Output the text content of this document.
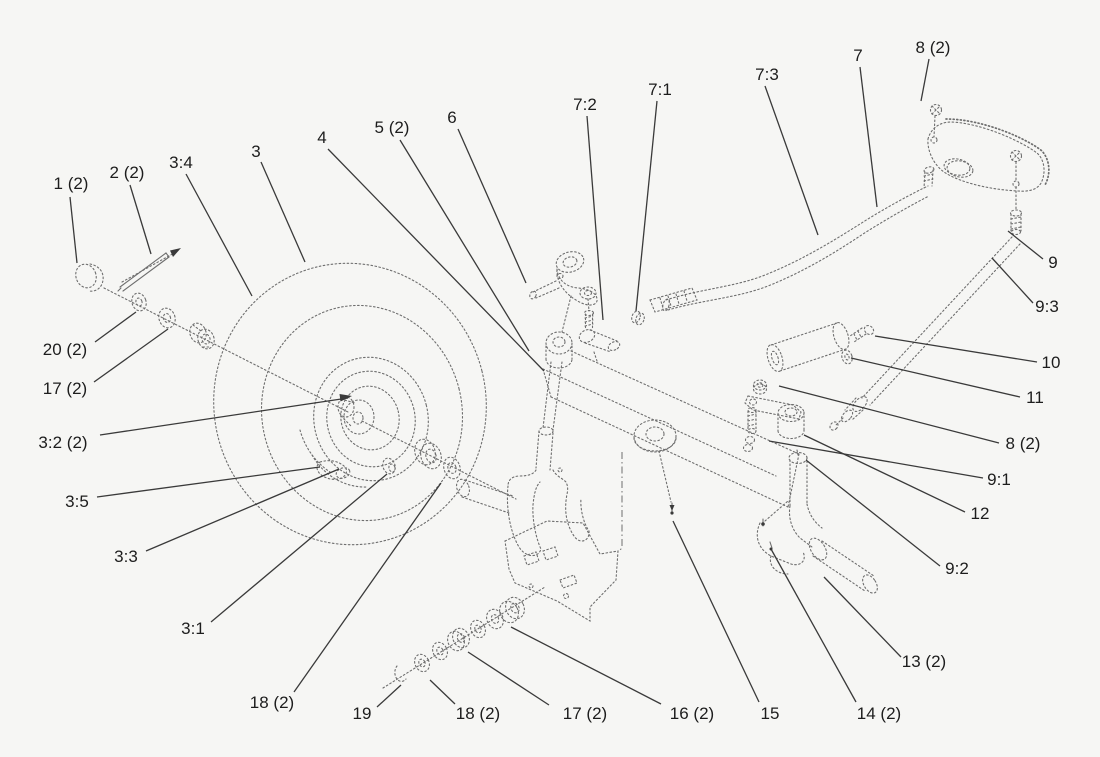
1 (2)
2 (2)
3:4
3
4
5 (2)
6
7:2
7:1
7:3
7	8 (2)
9
9:3
10
11
8 (2)
9:1
12
9:2
13 (2)
14 (2)
15
16 (2)
17 (2)
18 (2)
19
18 (2)
3:1
3:3
3:5
3:2 (2)
17 (2)
20 (2)
